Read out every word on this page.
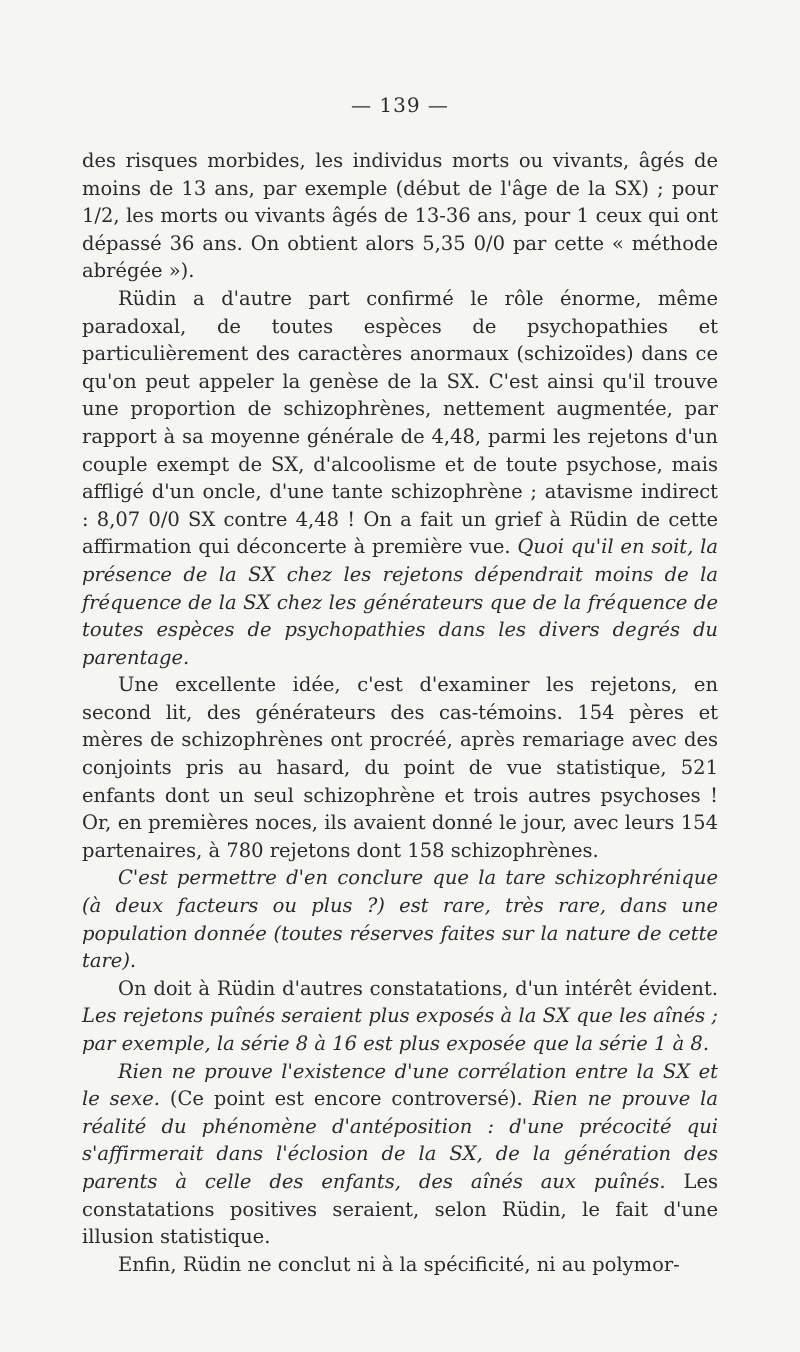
— 139 —

des risques morbides, les individus morts ou vivants, âgés de moins de 13 ans, par exemple (début de l'âge de la SX) ; pour 1/2, les morts ou vivants âgés de 13-36 ans, pour 1 ceux qui ont dépassé 36 ans. On obtient alors 5,35 0/0 par cette « méthode abrégée »).

Rüdin a d'autre part confirmé le rôle énorme, même paradoxal, de toutes espèces de psychopathies et particulièrement des caractères anormaux (schizoïdes) dans ce qu'on peut appeler la genèse de la SX. C'est ainsi qu'il trouve une proportion de schizophrènes, nettement augmentée, par rapport à sa moyenne générale de 4,48, parmi les rejetons d'un couple exempt de SX, d'alcoolisme et de toute psychose, mais affligé d'un oncle, d'une tante schizophrène ; atavisme indirect : 8,07 0/0 SX contre 4,48 ! On a fait un grief à Rüdin de cette affirmation qui déconcerte à première vue. Quoi qu'il en soit, la présence de la SX chez les rejetons dépendrait moins de la fréquence de la SX chez les générateurs que de la fréquence de toutes espèces de psychopathies dans les divers degrés du parentage.

Une excellente idée, c'est d'examiner les rejetons, en second lit, des générateurs des cas-témoins. 154 pères et mères de schizophrènes ont procréé, après remariage avec des conjoints pris au hasard, du point de vue statistique, 521 enfants dont un seul schizophrène et trois autres psychoses ! Or, en premières noces, ils avaient donné le jour, avec leurs 154 partenaires, à 780 rejetons dont 158 schizophrènes.

C'est permettre d'en conclure que la tare schizophrénique (à deux facteurs ou plus ?) est rare, très rare, dans une population donnée (toutes réserves faites sur la nature de cette tare).

On doit à Rüdin d'autres constatations, d'un intérêt évident. Les rejetons puînés seraient plus exposés à la SX que les aînés ; par exemple, la série 8 à 16 est plus exposée que la série 1 à 8.

Rien ne prouve l'existence d'une corrélation entre la SX et le sexe. (Ce point est encore controversé). Rien ne prouve la réalité du phénomène d'antéposition : d'une précocité qui s'affirmerait dans l'éclosion de la SX, de la génération des parents à celle des enfants, des aînés aux puînés. Les constatations positives seraient, selon Rüdin, le fait d'une illusion statistique.

Enfin, Rüdin ne conclut ni à la spécificité, ni au polymor-
